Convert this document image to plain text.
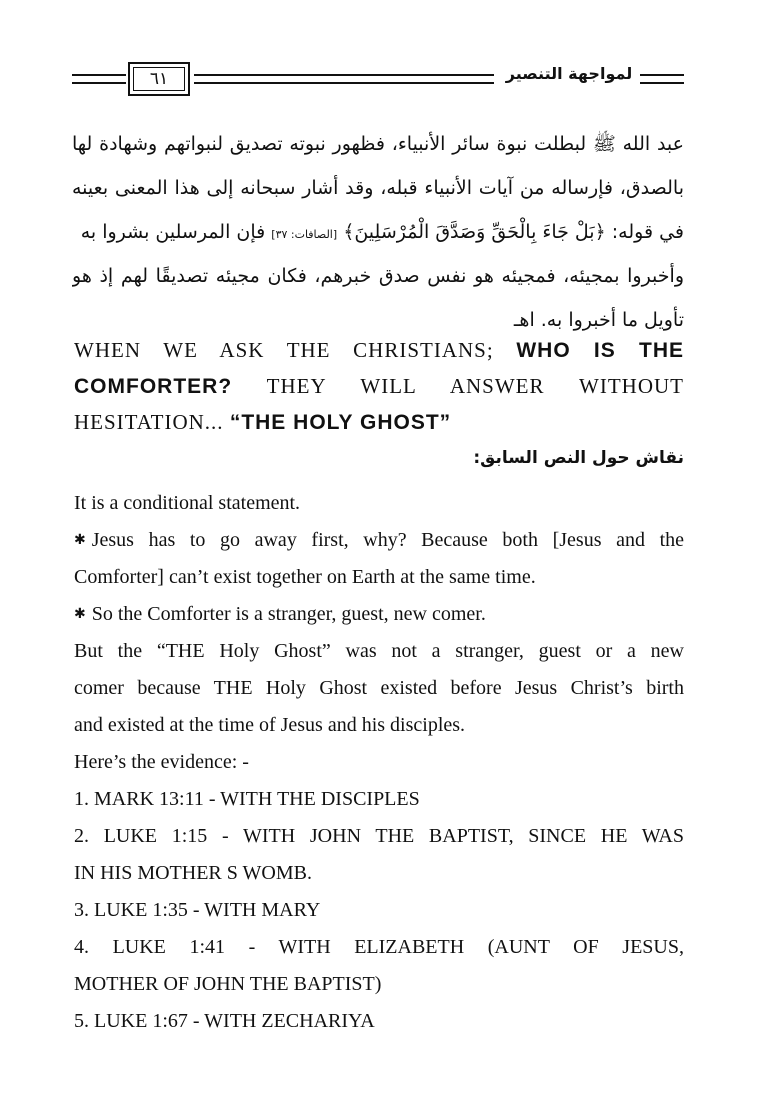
٦١	لمواجهة التنصير
عبد الله ﷺ لبطلت نبوة سائر الأنبياء، فظهور نبوته تصديق لنبواتهم وشهادة لها
بالصدق، فإرساله من آيات الأنبياء قبله، وقد أشار سبحانه إلى هذا المعنى بعينه
في قوله: ﴿بَلْ جَاءَ بِالْحَقِّ وَصَدَّقَ الْمُرْسَلِينَ﴾ [الصافات: ٣٧] فإن المرسلين بشروا به
وأخبروا بمجيئه، فمجيئه هو نفس صدق خبرهم، فكان مجيئه تصديقًا لهم إذ هو
تأويل ما أخبروا به. اهـ
WHEN WE ASK THE CHRISTIANS; WHO IS THE
COMFORTER? THEY WILL ANSWER WITHOUT
HESITATION... “THE HOLY GHOST”
نقاش حول النص السابق:
It is a conditional statement.
✱ Jesus has to go away first, why? Because both [Jesus and the
Comforter] can’t exist together on Earth at the same time.
✱ So the Comforter is a stranger, guest, new comer.
But the “THE Holy Ghost” was not a stranger, guest or a new
comer because THE Holy Ghost existed before Jesus Christ’s birth
and existed at the time of Jesus and his disciples.
Here’s the evidence: -
1. MARK 13:11 - WITH THE DISCIPLES
2. LUKE 1:15 - WITH JOHN THE BAPTIST, SINCE HE WAS
IN HIS MOTHER S WOMB.
3. LUKE 1:35 - WITH MARY
4. LUKE 1:41 - WITH ELIZABETH (AUNT OF JESUS,
MOTHER OF JOHN THE BAPTIST)
5. LUKE 1:67 - WITH ZECHARIYA
